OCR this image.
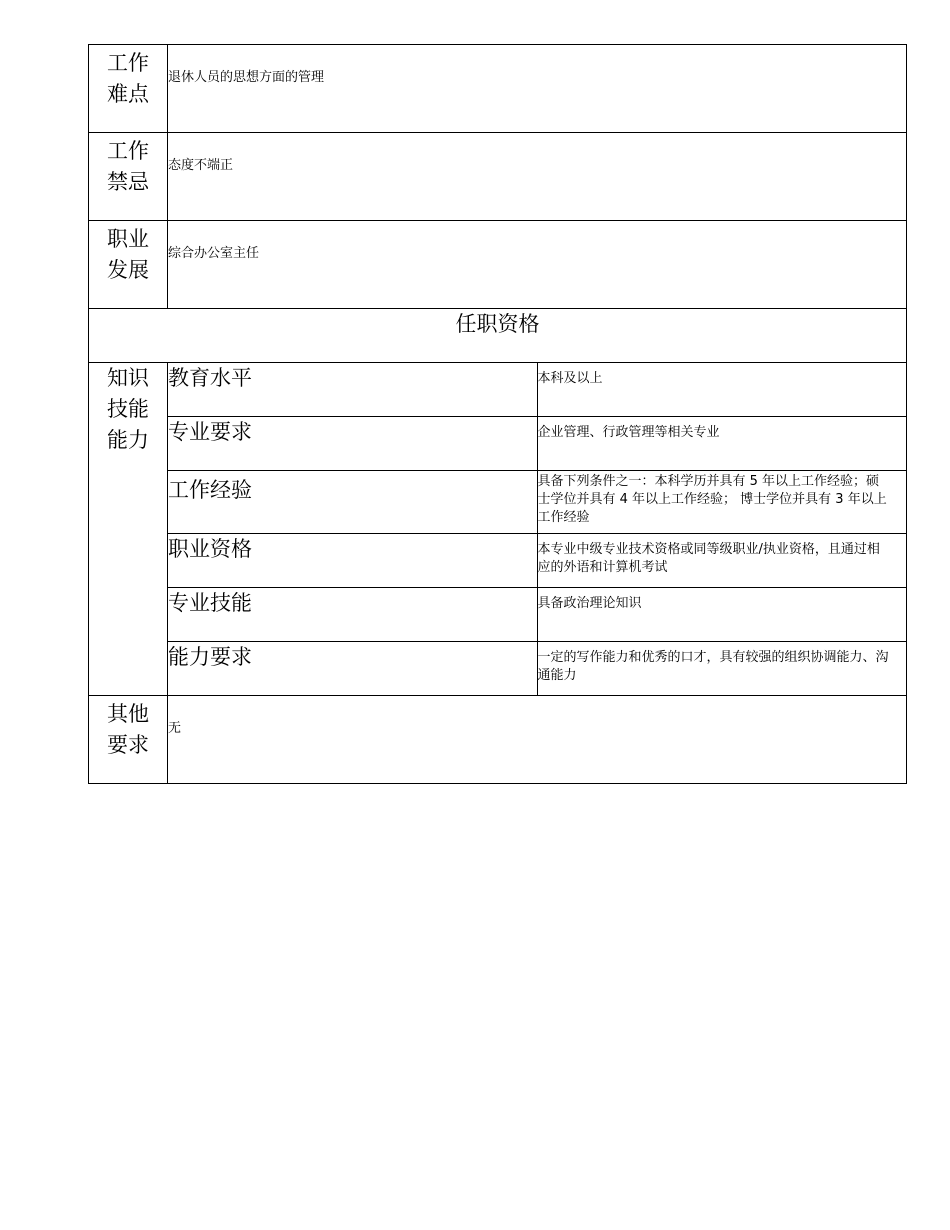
工作难点	退休人员的思想方面的管理	

工作禁忌	态度不端正	

职业发展	综合办公室主任	

任职资格		

知识技能能力	教育水平	本科及以上

	专业要求	企业管理、行政管理等相关专业

	工作经验	具备下列条件之一：本科学历并具有 5 年以上工作经验；硕士学位并具有 4 年以上工作经验； 博士学位并具有 3 年以上工作经验

	职业资格	本专业中级专业技术资格或同等级职业/执业资格，且通过相应的外语和计算机考试

	专业技能	具备政治理论知识

	能力要求	一定的写作能力和优秀的口才，具有较强的组织协调能力、沟通能力

其他要求	无	
